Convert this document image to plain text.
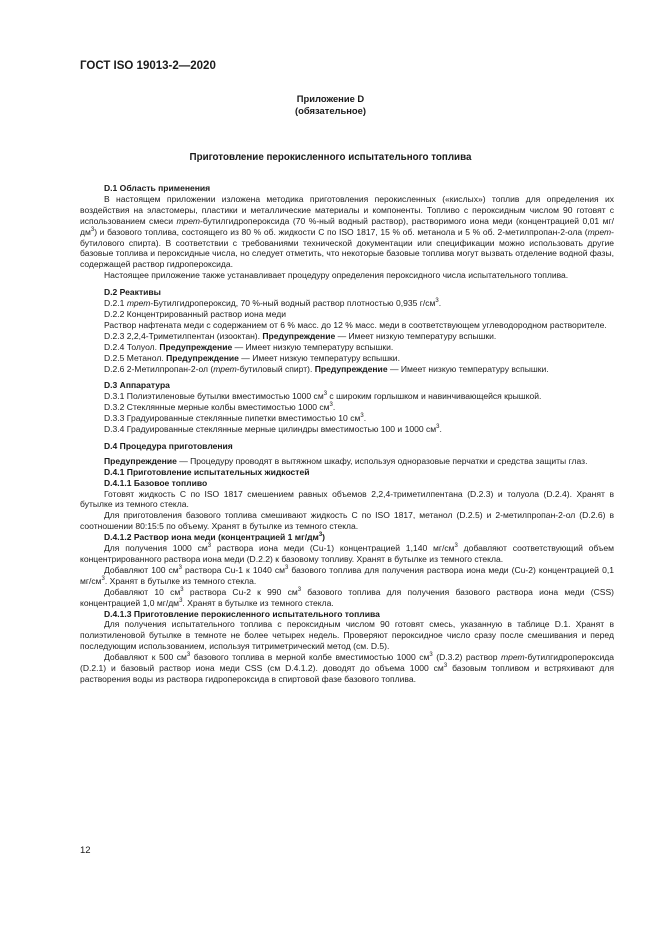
ГОСТ ISO 19013-2—2020
Приложение D
(обязательное)
Приготовление перокисленного испытательного топлива

D.1 Область применения

В настоящем приложении изложена методика приготовления перокисленных («кислых») топлив для определения их воздействия на эластомеры, пластики и металлические материалы и компоненты. Топливо с пероксидным числом 90 готовят с использованием смеси трет-бутилгидропероксида (70 %-ный водный раствор), растворимого иона меди (концентрацией 0,01 $мг/дм^3$) и базового топлива, состоящего из 80 % об. жидкости С по ISO 1817, 15 % об. метанола и 5 % об. 2-метилпропан-2-ола (трет-бутилового спирта). В соответствии с требованиями технической документации или спецификации можно использовать другие базовые топлива и пероксидные числа, но следует отметить, что некоторые базовые топлива могут вызвать отделение водной фазы, содержащей раствор гидропероксида.

Настоящее приложение также устанавливает процедуру определения пероксидного числа испытательного топлива.

D.2 Реактивы

D.2.1 трет-Бутилгидропероксид, 70 %-ный водный раствор плотностью 0,935 $г/см^3$.

D.2.2 Концентрированный раствор иона меди

Раствор нафтената меди с содержанием от 6 % масс. до 12 % масс. меди в соответствующем углеводородном растворителе.

D.2.3 2,2,4-Триметилпентан (изооктан). Предупреждение — Имеет низкую температуру вспышки.

D.2.4 Толуол. Предупреждение — Имеет низкую температуру вспышки.

D.2.5 Метанол. Предупреждение — Имеет низкую температуру вспышки.

D.2.6 2-Метилпропан-2-ол (трет-бутиловый спирт). Предупреждение — Имеет низкую температуру вспышки.

D.3 Аппаратура

D.3.1 Полиэтиленовые бутылки вместимостью 1000 $см^3$ с широким горлышком и навинчивающейся крышкой.

D.3.2 Стеклянные мерные колбы вместимостью 1000 $см^3$.

D.3.3 Градуированные стеклянные пипетки вместимостью 10 $см^3$.

D.3.4 Градуированные стеклянные мерные цилиндры вместимостью 100 и 1000 $см^3$.

D.4 Процедура приготовления

Предупреждение — Процедуру проводят в вытяжном шкафу, используя одноразовые перчатки и средства защиты глаз.

D.4.1 Приготовление испытательных жидкостей

D.4.1.1 Базовое топливо

Готовят жидкость С по ISO 1817 смешением равных объемов 2,2,4-триметилпентана (D.2.3) и толуола (D.2.4). Хранят в бутылке из темного стекла.

Для приготовления базового топлива смешивают жидкость С по ISO 1817, метанол (D.2.5) и 2-метилпропан-2-ол (D.2.6) в соотношении 80:15:5 по объему. Хранят в бутылке из темного стекла.

D.4.1.2 Раствор иона меди (концентрацией 1 $мг/дм^3$)

Для получения 1000 $см^3$ раствора иона меди (Cu-1) концентрацией 1,140 $мг/см^3$ добавляют соответствующий объем концентрированного раствора иона меди (D.2.2) к базовому топливу. Хранят в бутылке из темного стекла.

Добавляют 100 $см^3$ раствора Cu-1 к 1040 $см^3$ базового топлива для получения раствора иона меди (Cu-2) концентрацией 0,1 $мг/см^3$. Хранят в бутылке из темного стекла.

Добавляют 10 $см^3$ раствора Cu-2 к 990 $см^3$ базового топлива для получения базового раствора иона меди (CSS) концентрацией 1,0 $мг/дм^3$. Хранят в бутылке из темного стекла.

D.4.1.3 Приготовление перокисленного испытательного топлива

Для получения испытательного топлива с пероксидным числом 90 готовят смесь, указанную в таблице D.1. Хранят в полиэтиленовой бутылке в темноте не более четырех недель. Проверяют пероксидное число сразу после смешивания и перед последующим использованием, используя титриметрический метод (см. D.5).

Добавляют к 500 $см^3$ базового топлива в мерной колбе вместимостью 1000 $см^3$ (D.3.2) раствор трет-бутилгидропероксида (D.2.1) и базовый раствор иона меди CSS (см D.4.1.2). доводят до объема 1000 $см^3$ базовым топливом и встряхивают для растворения воды из раствора гидропероксида в спиртовой фазе базового топлива.

12
